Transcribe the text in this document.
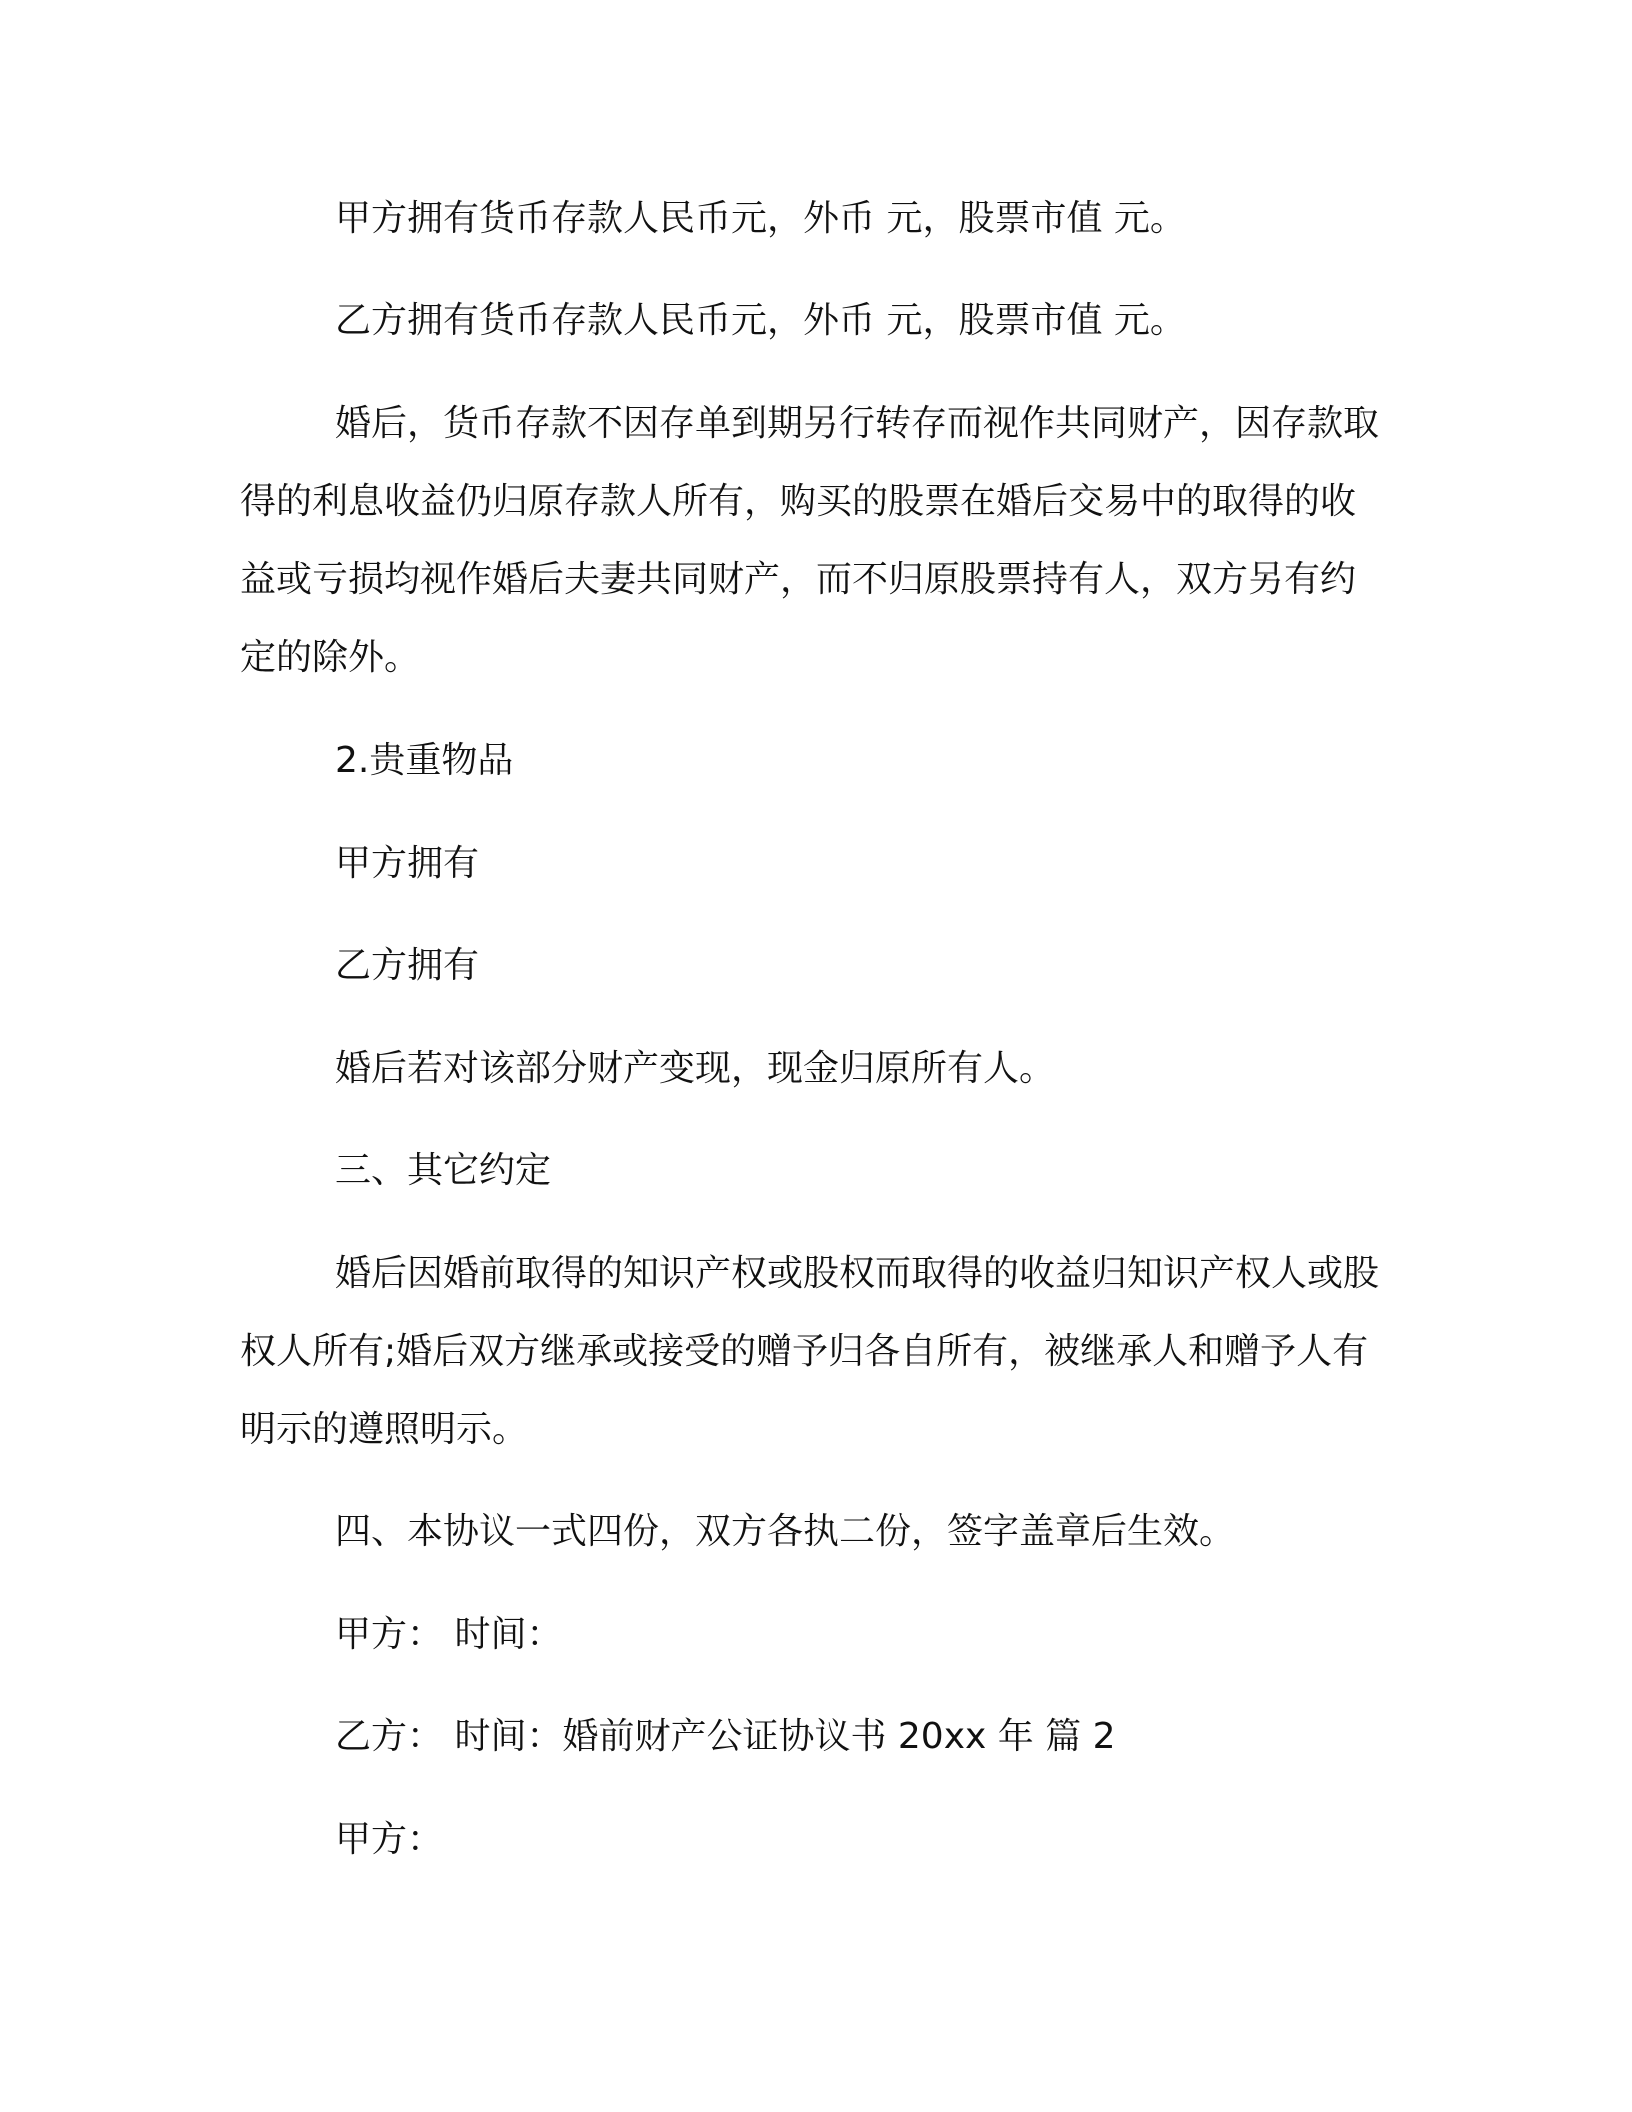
甲方拥有货币存款人民币元，外币 元，股票市值 元。

乙方拥有货币存款人民币元，外币 元，股票市值 元。

婚后，货币存款不因存单到期另行转存而视作共同财产，因存款取得的利息收益仍归原存款人所有，购买的股票在婚后交易中的取得的收益或亏损均视作婚后夫妻共同财产，而不归原股票持有人，双方另有约定的除外。

2.贵重物品

甲方拥有

乙方拥有

婚后若对该部分财产变现，现金归原所有人。

三、其它约定

婚后因婚前取得的知识产权或股权而取得的收益归知识产权人或股权人所有;婚后双方继承或接受的赠予归各自所有，被继承人和赠予人有明示的遵照明示。

四、本协议一式四份，双方各执二份，签字盖章后生效。

甲方： 时间：

乙方： 时间：婚前财产公证协议书 20xx 年 篇 2

甲方：
